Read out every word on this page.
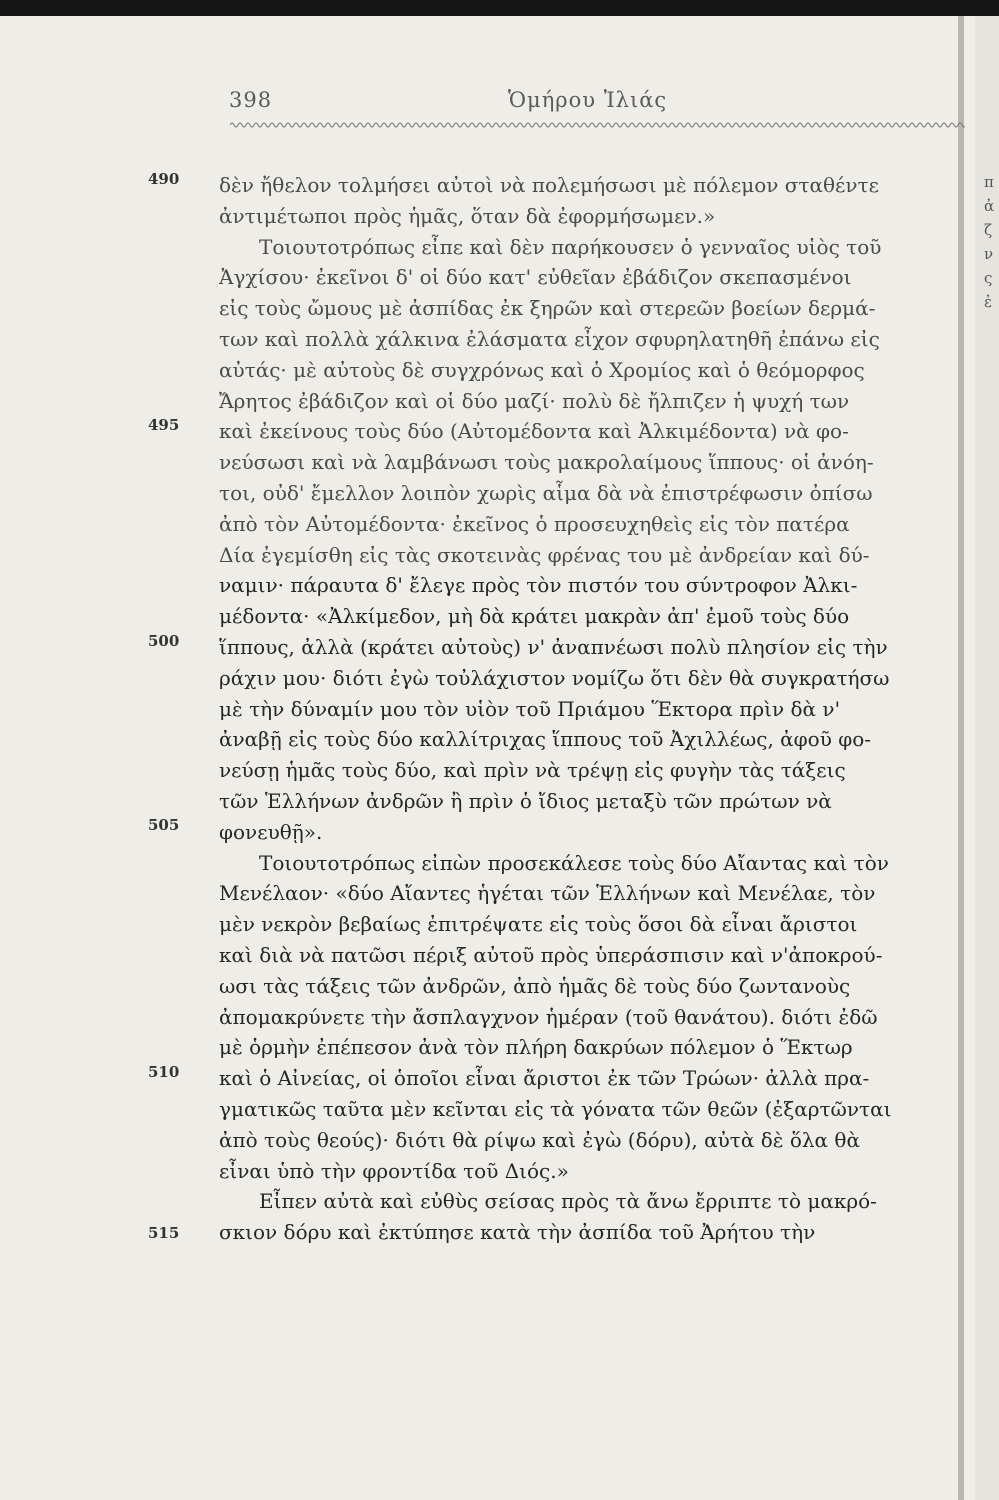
π
ἀ
ζ
ν
ς
ἐ
398	Ὁμήρου Ἰλιάς
490
495
500
505
510
515
δὲν ἤθελον τολμήσει αὐτοὶ νὰ πολεμήσωσι μὲ πόλεμον σταθέντε
ἀντιμέτωποι πρὸς ἡμᾶς, ὅταν δὰ ἐφορμήσωμεν.»
Τοιουτοτρόπως εἶπε καὶ δὲν παρήκουσεν ὁ γενναῖος υἱὸς τοῦ
Ἀγχίσου· ἐκεῖνοι δ' οἱ δύο κατ' εὐθεῖαν ἐβάδιζον σκεπασμένοι
εἰς τοὺς ὤμους μὲ ἀσπίδας ἐκ ξηρῶν καὶ στερεῶν βοείων δερμά-
των καὶ πολλὰ χάλκινα ἐλάσματα εἶχον σφυρηλατηθῆ ἐπάνω εἰς
αὐτάς· μὲ αὐτοὺς δὲ συγχρόνως καὶ ὁ Χρομίος καὶ ὁ θεόμορφος
Ἄρητος ἐβάδιζον καὶ οἱ δύο μαζί· πολὺ δὲ ἤλπιζεν ἡ ψυχή των
καὶ ἐκείνους τοὺς δύο (Αὐτομέδοντα καὶ Ἀλκιμέδοντα) νὰ φο-
νεύσωσι καὶ νὰ λαμβάνωσι τοὺς μακρολαίμους ἵππους· οἱ ἀνόη-
τοι, οὐδ' ἔμελλον λοιπὸν χωρὶς αἷμα δὰ νὰ ἐπιστρέφωσιν ὀπίσω
ἀπὸ τὸν Αὐτομέδοντα· ἐκεῖνος ὁ προσευχηθεὶς εἰς τὸν πατέρα
Δία ἐγεμίσθη εἰς τὰς σκοτεινὰς φρένας του μὲ ἀνδρείαν καὶ δύ-
ναμιν· πάραυτα δ' ἔλεγε πρὸς τὸν πιστόν του σύντροφον Ἀλκι-
μέδοντα· «Ἀλκίμεδον, μὴ δὰ κράτει μακρὰν ἀπ' ἐμοῦ τοὺς δύο
ἵππους, ἀλλὰ (κράτει αὐτοὺς) ν' ἀναπνέωσι πολὺ πλησίον εἰς τὴν
ράχιν μου· διότι ἐγὼ τοὐλάχιστον νομίζω ὅτι δὲν θὰ συγκρατήσω
μὲ τὴν δύναμίν μου τὸν υἱὸν τοῦ Πριάμου Ἕκτορα πρὶν δὰ ν'
ἀναβῇ εἰς τοὺς δύο καλλίτριχας ἵππους τοῦ Ἀχιλλέως, ἀφοῦ φο-
νεύσῃ ἡμᾶς τοὺς δύο, καὶ πρὶν νὰ τρέψῃ εἰς φυγὴν τὰς τάξεις
τῶν Ἑλλήνων ἀνδρῶν ἢ πρὶν ὁ ἴδιος μεταξὺ τῶν πρώτων νὰ
φονευθῇ».
Τοιουτοτρόπως εἰπὼν προσεκάλεσε τοὺς δύο Αἴαντας καὶ τὸν
Μενέλαον· «δύο Αἴαντες ἡγέται τῶν Ἑλλήνων καὶ Μενέλαε, τὸν
μὲν νεκρὸν βεβαίως ἐπιτρέψατε εἰς τοὺς ὅσοι δὰ εἶναι ἄριστοι
καὶ διὰ νὰ πατῶσι πέριξ αὐτοῦ πρὸς ὑπεράσπισιν καὶ ν'ἀποκρού-
ωσι τὰς τάξεις τῶν ἀνδρῶν, ἀπὸ ἡμᾶς δὲ τοὺς δύο ζωντανοὺς
ἀπομακρύνετε τὴν ἄσπλαγχνον ἡμέραν (τοῦ θανάτου). διότι ἐδῶ
μὲ ὁρμὴν ἐπέπεσον ἀνὰ τὸν πλήρη δακρύων πόλεμον ὁ Ἕκτωρ
καὶ ὁ Αἰνείας, οἱ ὁποῖοι εἶναι ἄριστοι ἐκ τῶν Τρώων· ἀλλὰ πρα-
γματικῶς ταῦτα μὲν κεῖνται εἰς τὰ γόνατα τῶν θεῶν (ἐξαρτῶνται
ἀπὸ τοὺς θεούς)· διότι θὰ ρίψω καὶ ἐγὼ (δόρυ), αὐτὰ δὲ ὅλα θὰ
εἶναι ὑπὸ τὴν φροντίδα τοῦ Διός.»
Εἶπεν αὐτὰ καὶ εὐθὺς σείσας πρὸς τὰ ἄνω ἔρριπτε τὸ μακρό-
σκιον δόρυ καὶ ἐκτύπησε κατὰ τὴν ἀσπίδα τοῦ Ἀρήτου τὴν
